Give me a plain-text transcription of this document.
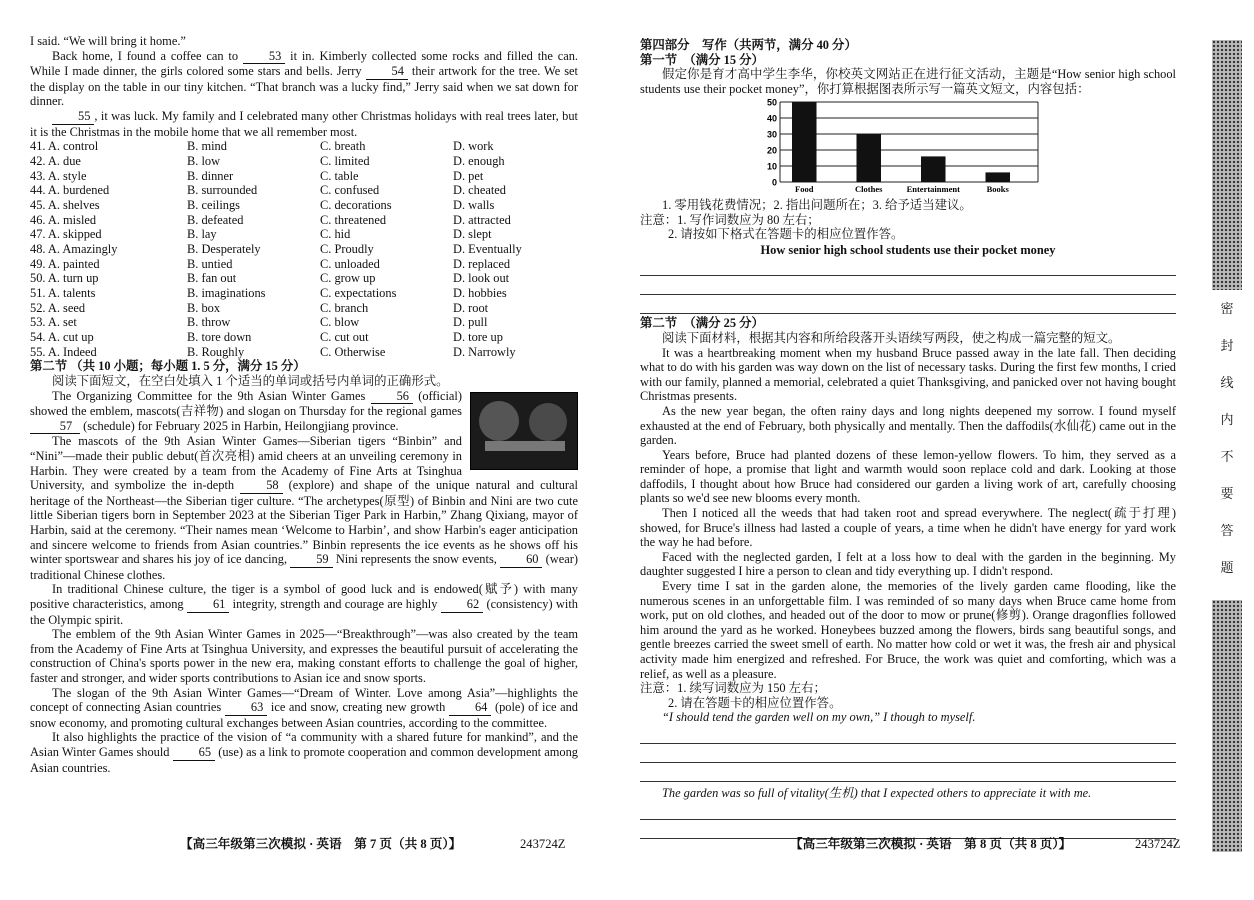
I said. “We will bring it home.”

Back home, I found a coffee can to 53 it in. Kimberly collected some rocks and filled the can. While I made dinner, the girls colored some stars and bells. Jerry 54 their artwork for the tree. We set the display on the table in our tiny kitchen. “That branch was a lucky find,” Jerry said when we sat down for dinner.

55 , it was luck. My family and I celebrated many other Christmas holidays with real trees later, but it is the Christmas in the mobile home that we all remember most.

41. A. control	B. mind	C. breath	D. work
42. A. due	B. low	C. limited	D. enough
43. A. style	B. dinner	C. table	D. pet
44. A. burdened	B. surrounded	C. confused	D. cheated
45. A. shelves	B. ceilings	C. decorations	D. walls
46. A. misled	B. defeated	C. threatened	D. attracted
47. A. skipped	B. lay	C. hid	D. slept
48. A. Amazingly	B. Desperately	C. Proudly	D. Eventually
49. A. painted	B. untied	C. unloaded	D. replaced
50. A. turn up	B. fan out	C. grow up	D. look out
51. A. talents	B. imaginations	C. expectations	D. hobbies
52. A. seed	B. box	C. branch	D. root
53. A. set	B. throw	C. blow	D. pull
54. A. cut up	B. tore down	C. cut out	D. tore up
55. A. Indeed	B. Roughly	C. Otherwise	D. Narrowly

第二节 （共 10 小题；每小题 1. 5 分，满分 15 分）

阅读下面短文，在空白处填入 1 个适当的单词或括号内单词的正确形式。

The Organizing Committee for the 9th Asian Winter Games	56 (official) showed the emblem, mascots(吉祥物) and slogan on Thursday for the regional games 57 (schedule) for February 2025 in Harbin, Heilongjiang province.

The mascots of the 9th Asian Winter Games—Siberian tigers “Binbin” and “Nini”—made their public debut(首次亮相) amid cheers at an unveiling ceremony in Harbin. They were created by a team from the Academy of Fine Arts at Tsinghua University, and symbolize the in-depth	58 (explore) and shape of the unique natural and cultural heritage of the Northeast—the Siberian tiger culture. “The archetypes(原型) of Binbin and Nini are two cute little Siberian tigers born in September 2023 at the Siberian Tiger Park in Harbin,” Zhang Qixiang, mayor of Harbin, said at the ceremony. “Their names mean ‘Welcome to Harbin’, and show Harbin's eager anticipation and sincere welcome to friends from Asian countries.” Binbin represents the ice events as he shows off his winter sportswear and shares his joy of ice dancing, 59 Nini represents the snow events, 60 (wear) traditional Chinese clothes.

In traditional Chinese culture, the tiger is a symbol of good luck and is endowed(赋予) with many positive characteristics, among 61 integrity, strength and courage are highly 62 (consistency) with the Olympic spirit.

The emblem of the 9th Asian Winter Games in 2025—“Breakthrough”—was also created by the team from the Academy of Fine Arts at Tsinghua University, and expresses the beautiful pursuit of accelerating the construction of China's sports power in the new era, making constant efforts to challenge the goal of higher, faster and stronger, and wider sports contributions to Asian ice and snow sports.

The slogan of the 9th Asian Winter Games—“Dream of Winter. Love among Asia”—highlights the concept of connecting Asian countries 63 ice and snow, creating new growth 64 (pole) of ice and snow economy, and promoting cultural exchanges between Asian countries, according to the committee.

It also highlights the practice of the vision of “a community with a shared future for mankind”, and the Asian Winter Games should 65 (use) as a link to promote cooperation and common development among Asian countries.

【高三年级第三次模拟 · 英语　第 7 页（共 8 页）】	243724Z

第四部分　写作（共两节，满分 40 分）

第一节　（满分 15 分）

假定你是育才高中学生李华，你校英文网站正在进行征文活动，主题是“How senior high school students use their pocket money”，你打算根据图表所示写一篇英文短文，内容包括：

0
10
20
30
40
50
Food	Clothes	Entertainment	Books

1. 零用钱花费情况；2. 指出问题所在；3. 给予适当建议。

注意：1. 写作词数应为 80 左右；

2. 请按如下格式在答题卡的相应位置作答。

How senior high school students use their pocket money

第二节　（满分 25 分）

阅读下面材料，根据其内容和所给段落开头语续写两段，使之构成一篇完整的短文。

It was a heartbreaking moment when my husband Bruce passed away in the late fall. Then deciding what to do with his garden was way down on the list of necessary tasks. During the first few months, I cried with our family, planned a memorial, celebrated a quiet Thanksgiving, and panicked over not having bought Christmas presents.

As the new year began, the often rainy days and long nights deepened my sorrow. I found myself exhausted at the end of February, both physically and mentally. Then the daffodils(水仙花) came out in the garden.

Years before, Bruce had planted dozens of these lemon-yellow flowers. To him, they served as a reminder of hope, a promise that light and warmth would soon replace cold and dark. Looking at those daffodils, I thought about how Bruce had considered our garden a living work of art, carefully choosing plants so we'd see new blooms every month.

Then I noticed all the weeds that had taken root and spread everywhere. The neglect(疏于打理) showed, for Bruce's illness had lasted a couple of years, a time when he didn't have energy for yard work the way he had before.

Faced with the neglected garden, I felt at a loss how to deal with the garden in the beginning. My daughter suggested I hire a person to clean and tidy everything up. I didn't respond.

Every time I sat in the garden alone, the memories of the lively garden came flooding, like the numerous scenes in an unforgettable film. I was reminded of so many days when Bruce came home from work, put on old clothes, and headed out of the door to mow or prune(修剪). Orange dragonflies followed him around the yard as he worked. Honeybees buzzed among the flowers, birds sang beautiful songs, and gentle breezes carried the sweet smell of earth. No matter how cold or wet it was, the fresh air and physical activity made him energized and refreshed. For Bruce, the work was quiet and comforting, which was a relief, as well as a pleasure.

注意：1. 续写词数应为 150 左右；

2. 请在答题卡的相应位置作答。

“I should tend the garden well on my own,” I though to myself.

The garden was so full of vitality(生机) that I expected others to appreciate it with me.

【高三年级第三次模拟 · 英语　第 8 页（共 8 页）】	243724Z
密
封
线
内
不
要
答
题
